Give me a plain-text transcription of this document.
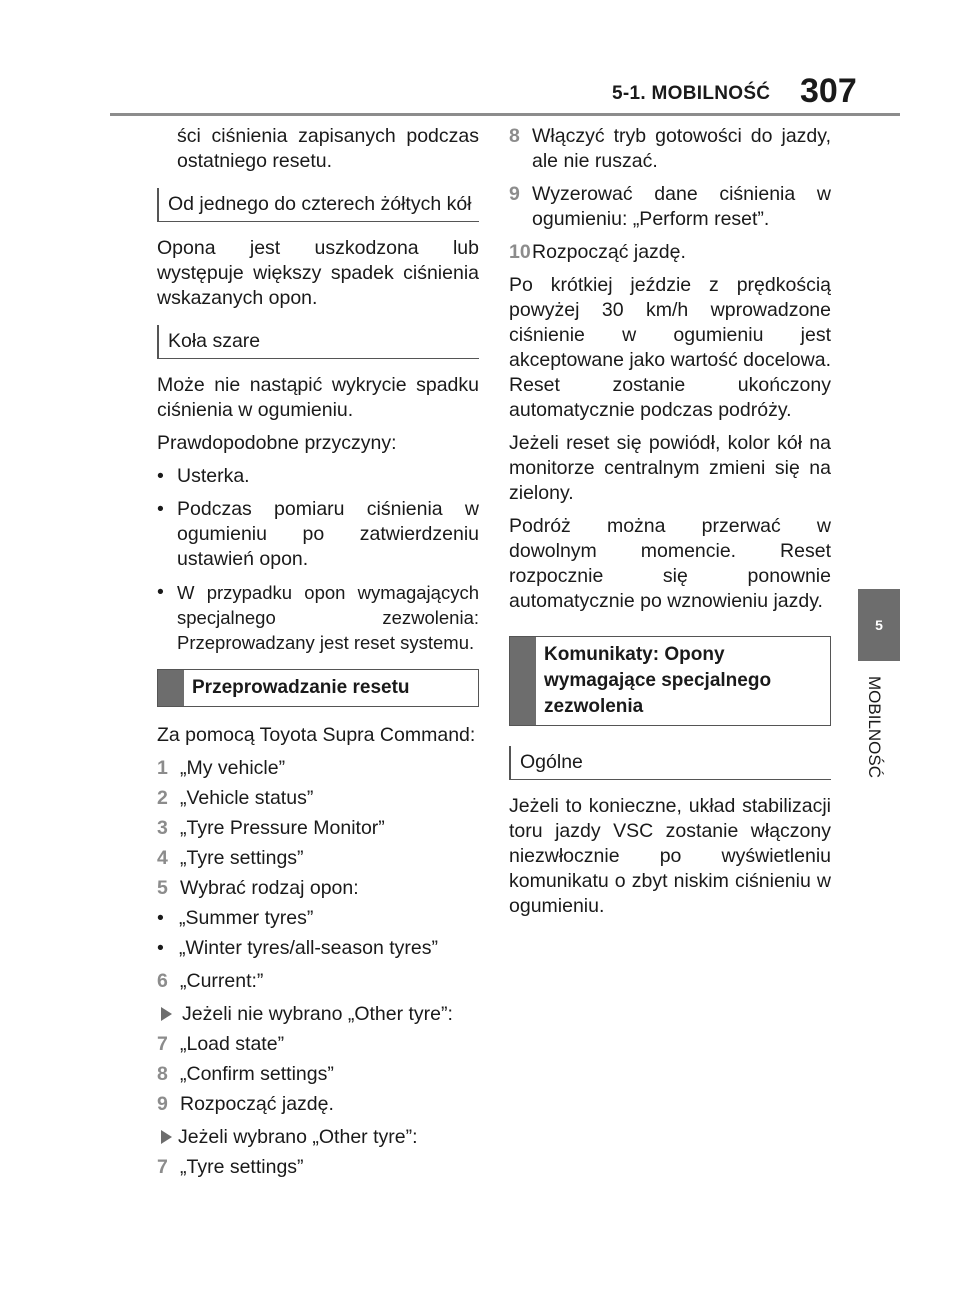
5-1. MOBILNOŚĆ 307
5
MOBILNOŚĆ

ści ciśnienia zapisanych podczas ostatniego resetu.

Od jednego do czterech żółtych kół

Opona jest uszkodzona lub występuje większy spadek ciśnienia wskazanych opon.

Koła szare

Może nie nastąpić wykrycie spadku ciśnienia w ogumieniu.

Prawdopodobne przyczyny:

• Usterka.
• Podczas pomiaru ciśnienia w ogumieniu po zatwierdzeniu ustawień opon.
• W przypadku opon wymagających specjalnego zezwolenia: Przeprowadzany jest reset systemu.
Przeprowadzanie resetu

Za pomocą Toyota Supra Command:

1 „My vehicle”
2 „Vehicle status”
3 „Tyre Pressure Monitor”
4 „Tyre settings”
5 Wybrać rodzaj opon:
• „Summer tyres”
• „Winter tyres/all-season tyres”
6 „Current:”
Jeżeli nie wybrano „Other tyre”:
7 „Load state”
8 „Confirm settings”
9 Rozpocząć jazdę.
Jeżeli wybrano „Other tyre”:
7 „Tyre settings”
8 Włączyć tryb gotowości do jazdy, ale nie ruszać.
9 Wyzerować dane ciśnienia w ogumieniu: „Perform reset”.
10 Rozpocząć jazdę.

Po krótkiej jeździe z prędkością powyżej 30 km/h wprowadzone ciśnienie w ogumieniu jest akceptowane jako wartość docelowa. Reset zostanie ukończony automatycznie podczas podróży.

Jeżeli reset się powiódł, kolor kół na monitorze centralnym zmieni się na zielony.

Podróż można przerwać w dowolnym momencie. Reset rozpocznie się ponownie automatycznie po wznowieniu jazdy.

Komunikaty: Opony wymagające specjalnego zezwolenia
Ogólne

Jeżeli to konieczne, układ stabilizacji toru jazdy VSC zostanie włączony niezwłocznie po wyświetleniu komunikatu o zbyt niskim ciśnieniu w ogumieniu.
